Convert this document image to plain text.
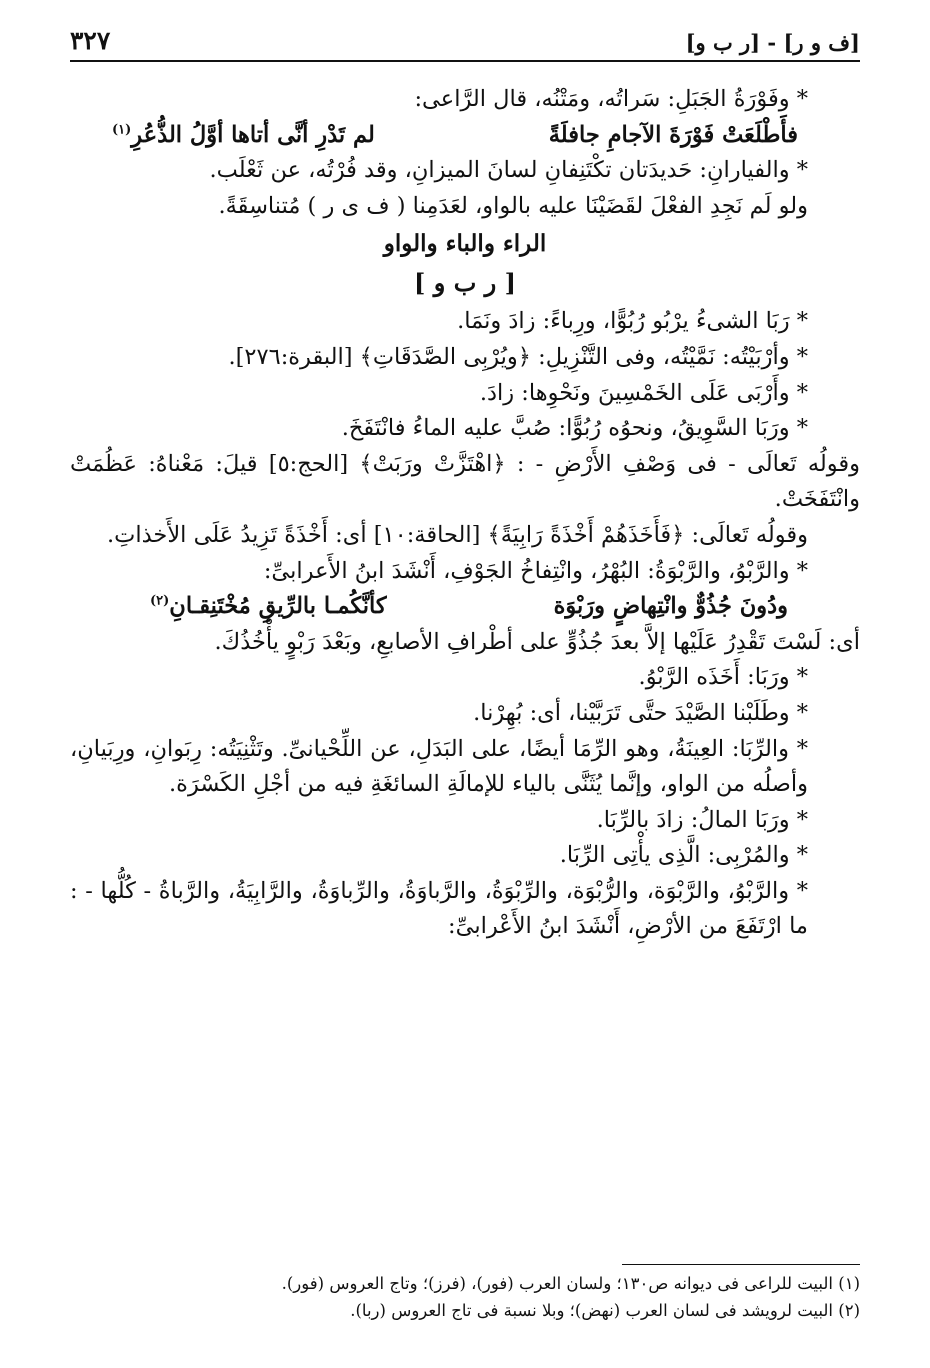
[ف و ر] - [ر ب و]
٣٢٧

* وفَوْرَةُ الجَبَلِ: سَراتُه، ومَتْنُه، قال الرَّاعى:

فأَطْلَعَتْ فَوْرَةَ الآجامِ جافلَةً
لم تَدْرِ أنَّى أتاها أوَّلُ الذُّعُرِ$^{(١)}$

* والفيارانِ: حَديدَتان تكْتَنِفانِ لسانَ الميزانِ، وقد فُرْتُه، عن ثَعْلَب.

ولو لَم نَجِدِ الفعْلَ لقَضَيْنَا عليه بالواو، لعَدَمِنا ( ف ى ر ) مُتناسِقَةً.

الراء والباء والواو
[ ر ب و ]

* رَبَا الشىءُ يرْبُو رُبُوًّا، ورِباءً: زادَ ونَمَا.

* وأرْبَيْتُه: نَمَّيْتُه، وفى التَّنْزِيلِ: ﴿ويُرْبِى الصَّدَقَاتِ﴾ [البقرة:٢٧٦].

* وأَرْبَى عَلَى الخَمْسِينَ ونَحْوِها: زادَ.

* ورَبَا السَّوِيقُ، ونحوُه رُبُوًّا: صُبَّ عليه الماءُ فانْتَفَخَ.

وقولُه تَعالَى - فى وَصْفِ الأَرْضِ - : ﴿اهْتَزَّتْ ورَبَتْ﴾ [الحج:٥] قيلَ: مَعْناهُ: عَظُمَتْ وانْتَفَخَتْ.

وقولُه تَعالَى: ﴿فَأَخَذَهُمْ أَخْذَةً رَابِيَةً﴾ [الحاقة:١٠] أى: أَخْذَةً تَزِيدُ عَلَى الأَخذاتِ.

* والرَّبْوُ، والرَّبْوَةُ: البُهْرُ، وانْتِفاخُ الجَوْفِ، أَنْشَدَ ابنُ الأَعرابىِّ:

ودُونَ جُذُوٌّ وانْتِهاضٍ ورَبْوَة
كأنَّكُمـا بالرِّيقِ مُخْتَنِقـانِ$^{(٢)}$

أى: لَسْتَ تَقْدِرُ عَلَيْها إلاَّ بعدَ جُذُوٍّ على أطْرافِ الأصابعِ، وبَعْدَ رَبْوٍ يأْخُذُكَ.

* ورَبَا: أَخَذَه الرَّبْوُ.

* وطَلَبْنا الصَّيْدَ حتَّى تَرَبَّيْنا، أى: بُهِرْنا.

* والرِّبَا: العِينَةُ، وهو الرِّمَا أيضًا، على البَدَلِ، عن اللِّحْيانىِّ. وتَثْنِيَتُه: رِبَوانِ، ورِبَيانِ، وأصلُه من الواو، وإنَّما يُثَنَّى بالياء للإمالَةِ السائغَةِ فيه من أجْلِ الكَسْرَة.

* ورَبَا المالُ: زادَ بالرِّبَا.

* والمُرْبِى: الَّذِى يأْتِى الرِّبَا.

* والرَّبْوُ، والرَّبْوَة، والرُّبْوَة، والرِّبْوَةُ، والرَّباوَةُ، والرِّباوَةُ، والرَّابِيَةُ، والرَّباةُ - كُلُّها - : ما ارْتَفَعَ من الأرْضِ، أَنْشَدَ ابنُ الأَعْرابىِّ:

(١) البيت للراعى فى ديوانه ص١٣٠؛ ولسان العرب (فور)، (فرز)؛ وتاج العروس (فور).

(٢) البيت لرويشد فى لسان العرب (نهض)؛ وبلا نسبة فى تاج العروس (ربا).
